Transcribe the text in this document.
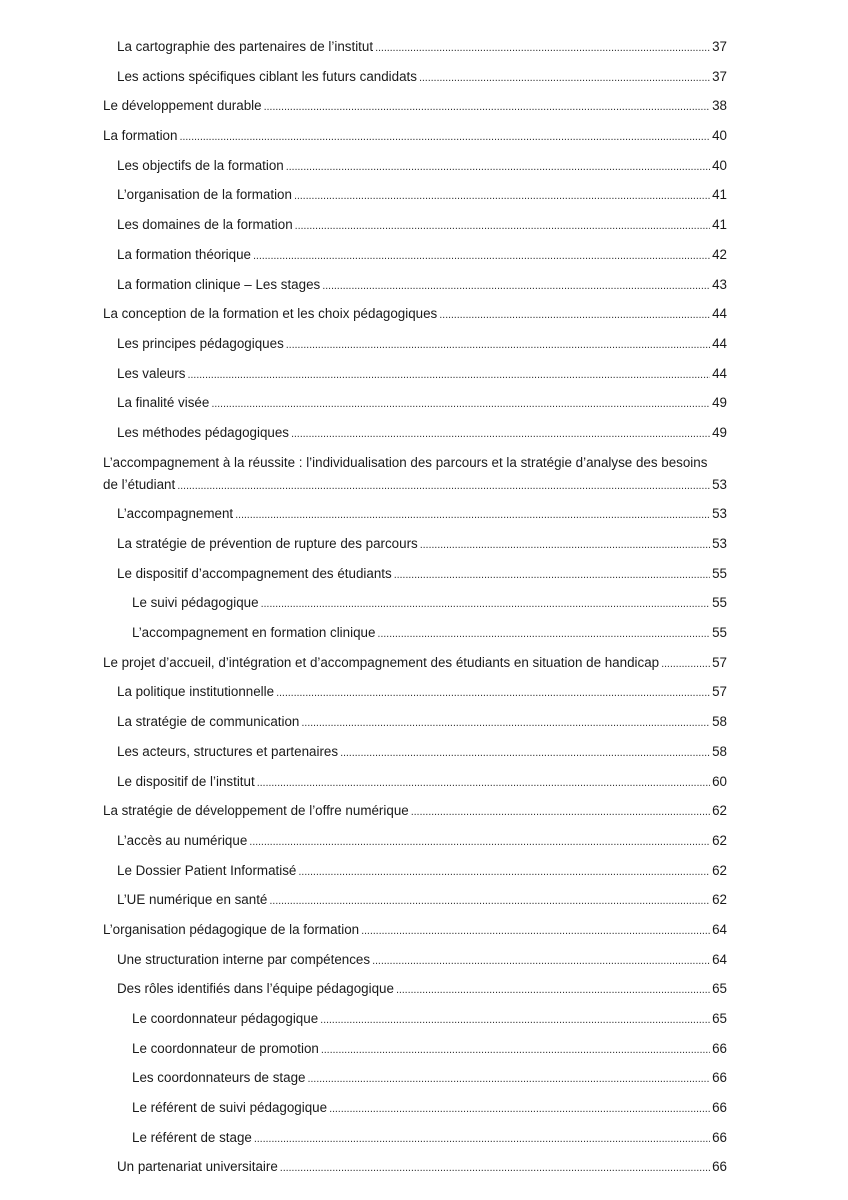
La cartographie des partenaires de l’institut . . .	37
Les actions spécifiques ciblant les futurs candidats . . .	37
Le développement durable . . .	38
La formation . . .	40
Les objectifs de la formation . . .	40
L’organisation de la formation . . .	41
Les domaines de la formation . . .	41
La formation théorique . . .	42
La formation clinique – Les stages . . .	43
La conception de la formation et les choix pédagogiques . . .	44
Les principes pédagogiques . . .	44
Les valeurs . . .	44
La finalité visée . . .	49
Les méthodes pédagogiques . . .	49
L’accompagnement à la réussite : l’individualisation des parcours et la stratégie d’analyse des besoins
de l’étudiant . . .	53
L’accompagnement . . .	53
La stratégie de prévention de rupture des parcours . . .	53
Le dispositif d’accompagnement des étudiants . . .	55
Le suivi pédagogique . . .	55
L’accompagnement en formation clinique . . .	55
Le projet d’accueil, d’intégration et d’accompagnement des étudiants en situation de handicap . . .	57
La politique institutionnelle . . .	57
La stratégie de communication . . .	58
Les acteurs, structures et partenaires . . .	58
Le dispositif de l’institut . . .	60
La stratégie de développement de l’offre numérique . . .	62
L’accès au numérique . . .	62
Le Dossier Patient Informatisé . . .	62
L’UE numérique en santé . . .	62
L’organisation pédagogique de la formation . . .	64
Une structuration interne par compétences . . .	64
Des rôles identifiés dans l’équipe pédagogique . . .	65
Le coordonnateur pédagogique . . .	65
Le coordonnateur de promotion . . .	66
Les coordonnateurs de stage . . .	66
Le référent de suivi pédagogique . . .	66
Le référent de stage . . .	66
Un partenariat universitaire . . .	66
